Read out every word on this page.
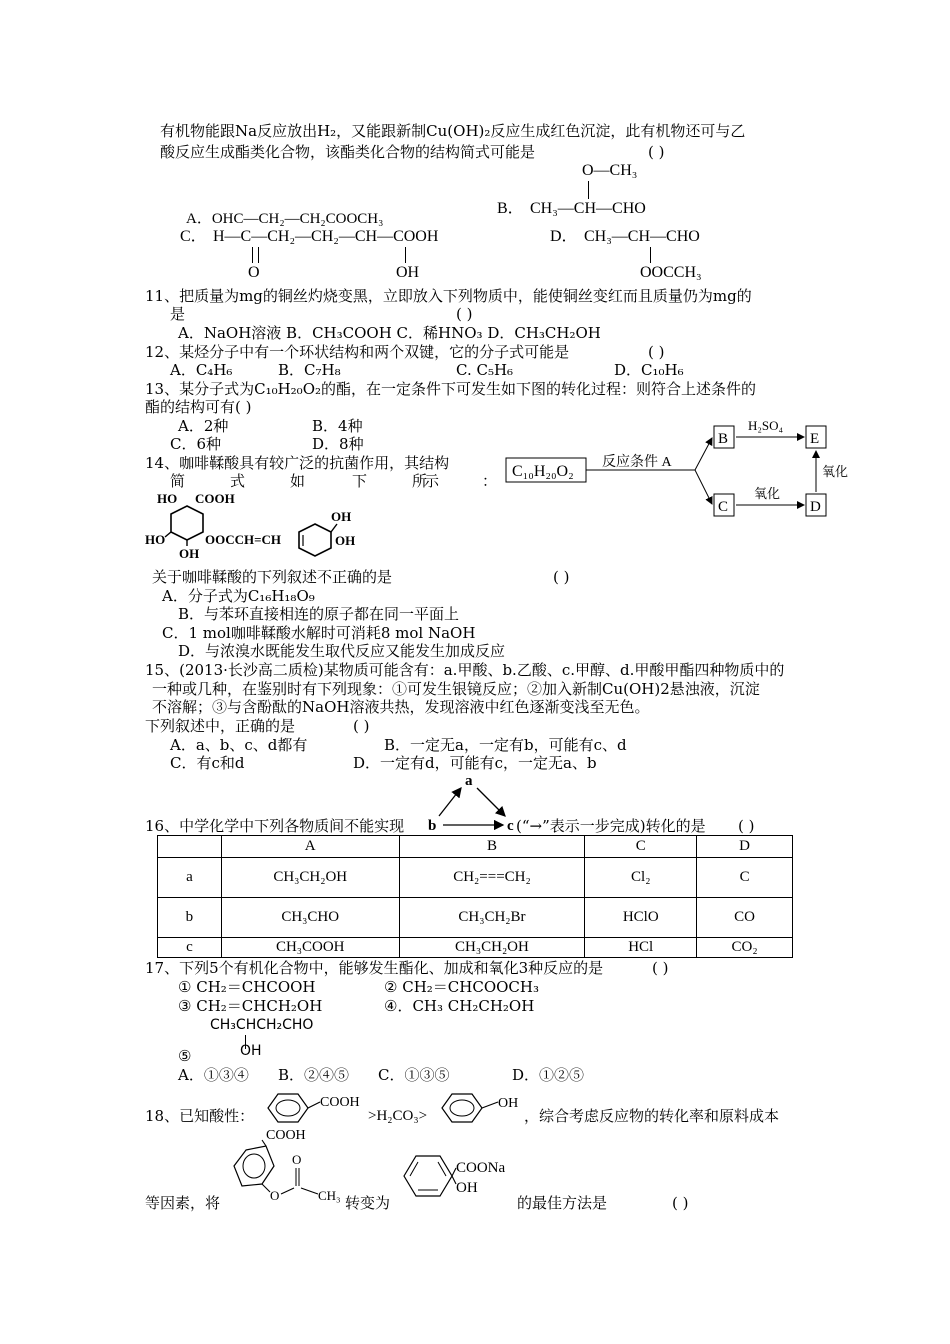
有机物能跟Na反应放出H₂，又能跟新制Cu(OH)₂反应生成红色沉淀，此有机物还可与乙
酸反应生成酯类化合物，该酯类化合物的结构简式可能是	( )
A．OHC—CH₂—CH₂COOCH₃
O—CH₃
B． CH₃—CH—CHO
C． H—C—CH₂—CH₂—CH—COOH
O	OH
D． CH₃—CH—CHO
OOCCH₃
11、把质量为mg的铜丝灼烧变黑，立即放入下列物质中，能使铜丝变红而且质量仍为mg的
是	( )
A．NaOH溶液 B．CH₃COOH C．稀HNO₃ D．CH₃CH₂OH
12、某烃分子中有一个环状结构和两个双键，它的分子式可能是	( )
A．C₄H₆	B．C₇H₈	C. C₅H₆	D．C₁₀H₆
13、某分子式为C₁₀H₂₀O₂的酯，在一定条件下可发生如下图的转化过程：则符合上述条件的
酯的结构可有( )
A．2种	B．4种
C．6种	D．8种
C₁₀H₂₀O₂
反应条件 A
B
C
H₂SO₄
E
氧化
D
氧化
14、咖啡鞣酸具有较广泛的抗菌作用，其结构
简	式	如	下	所
示	：
HO COOH
HO
OH
OOCCH=CH
OH
OH
关于咖啡鞣酸的下列叙述不正确的是	( )
A．分子式为C₁₆H₁₈O₉
B．与苯环直接相连的原子都在同一平面上
C．1 mol咖啡鞣酸水解时可消耗8 mol NaOH
D．与浓溴水既能发生取代反应又能发生加成反应
15、(2013·长沙高二质检)某物质可能含有：a.甲酸、b.乙酸、c.甲醇、d.甲酸甲酯四种物质中的
一种或几种，在鉴别时有下列现象：①可发生银镜反应；②加入新制Cu(OH)2悬浊液，沉淀
不溶解；③与含酚酞的NaOH溶液共热，发现溶液中红色逐渐变浅至无色。
下列叙述中，正确的是	( )
A．a、b、c、d都有	B．一定无a，一定有b，可能有c、d
C．有c和d	D．一定有d，可能有c，一定无a、b
a
b	c
16、中学化学中下列各物质间不能实现	(“→”表示一步完成)转化的是 ( )
	A	B	C	D
a	CH₃CH₂OH	CH₂===CH₂	Cl₂	C
b	CH₃CHO	CH₃CH₂Br	HClO	CO
c	CH₃COOH	CH₃CH₂OH	HCl	CO₂
17、下列5个有机化合物中，能够发生酯化、加成和氧化3种反应的是	( )
① CH₂＝CHCOOH	② CH₂＝CHCOOCH₃
③ CH₂＝CHCH₂OH	④．CH₃ CH₂CH₂OH
CH₃CHCH₂CHO
OH
⑤
A．①③④ B．②④⑤ C．①③⑤	D．①②⑤
18、已知酸性：
COOH
>H₂CO₃>
OH
，综合考虑反应物的转化率和原料成本
COOH
O
O	CH₃
等因素，将	转变为
COONa
OH
的最佳方法是	( )
